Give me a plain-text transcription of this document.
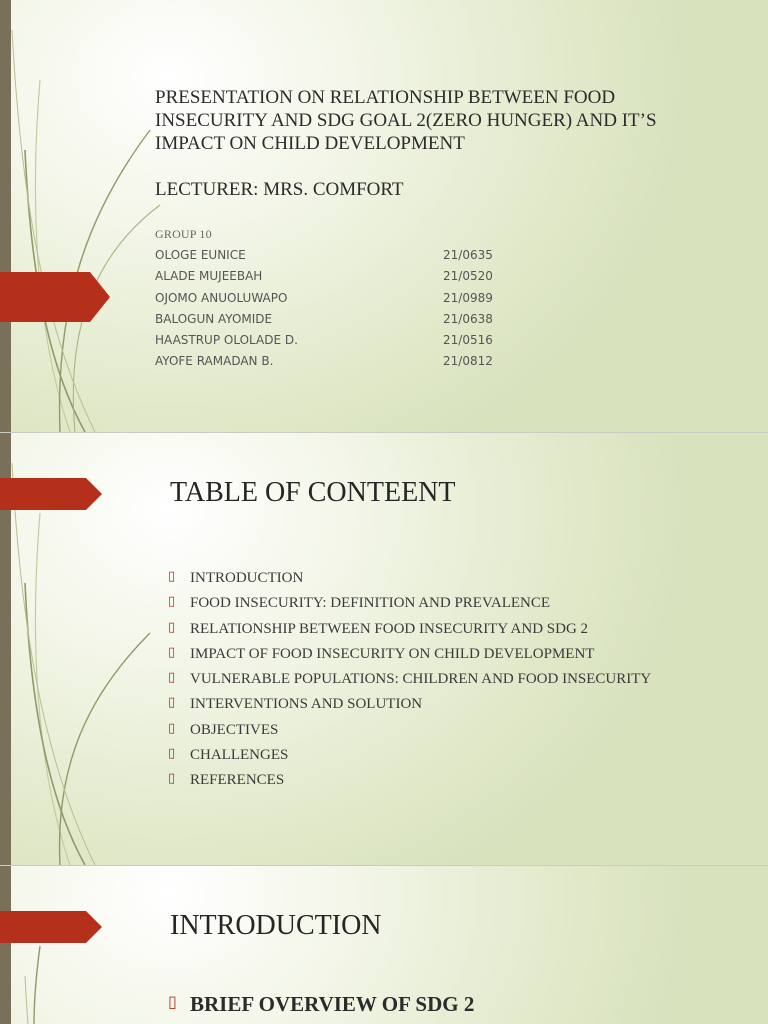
PRESENTATION ON RELATIONSHIP BETWEEN FOOD INSECURITY AND SDG GOAL 2(ZERO HUNGER) AND IT’S IMPACT ON CHILD DEVELOPMENT
LECTURER: MRS. COMFORT
GROUP 10
OLOGE EUNICE	21/0635
ALADE MUJEEBAH	21/0520
OJOMO ANUOLUWAPO	21/0989
BALOGUN AYOMIDE	21/0638
HAASTRUP OLOLADE D.	21/0516
AYOFE RAMADAN B.	21/0812
TABLE OF CONTEENT
▯ INTRODUCTION
▯ FOOD INSECURITY: DEFINITION AND PREVALENCE
▯ RELATIONSHIP BETWEEN FOOD INSECURITY AND SDG 2
▯ IMPACT OF FOOD INSECURITY ON CHILD DEVELOPMENT
▯ VULNERABLE POPULATIONS: CHILDREN AND FOOD INSECURITY
▯ INTERVENTIONS AND SOLUTION
▯ OBJECTIVES
▯ CHALLENGES
▯ REFERENCES
INTRODUCTION
▯ BRIEF OVERVIEW OF SDG 2
